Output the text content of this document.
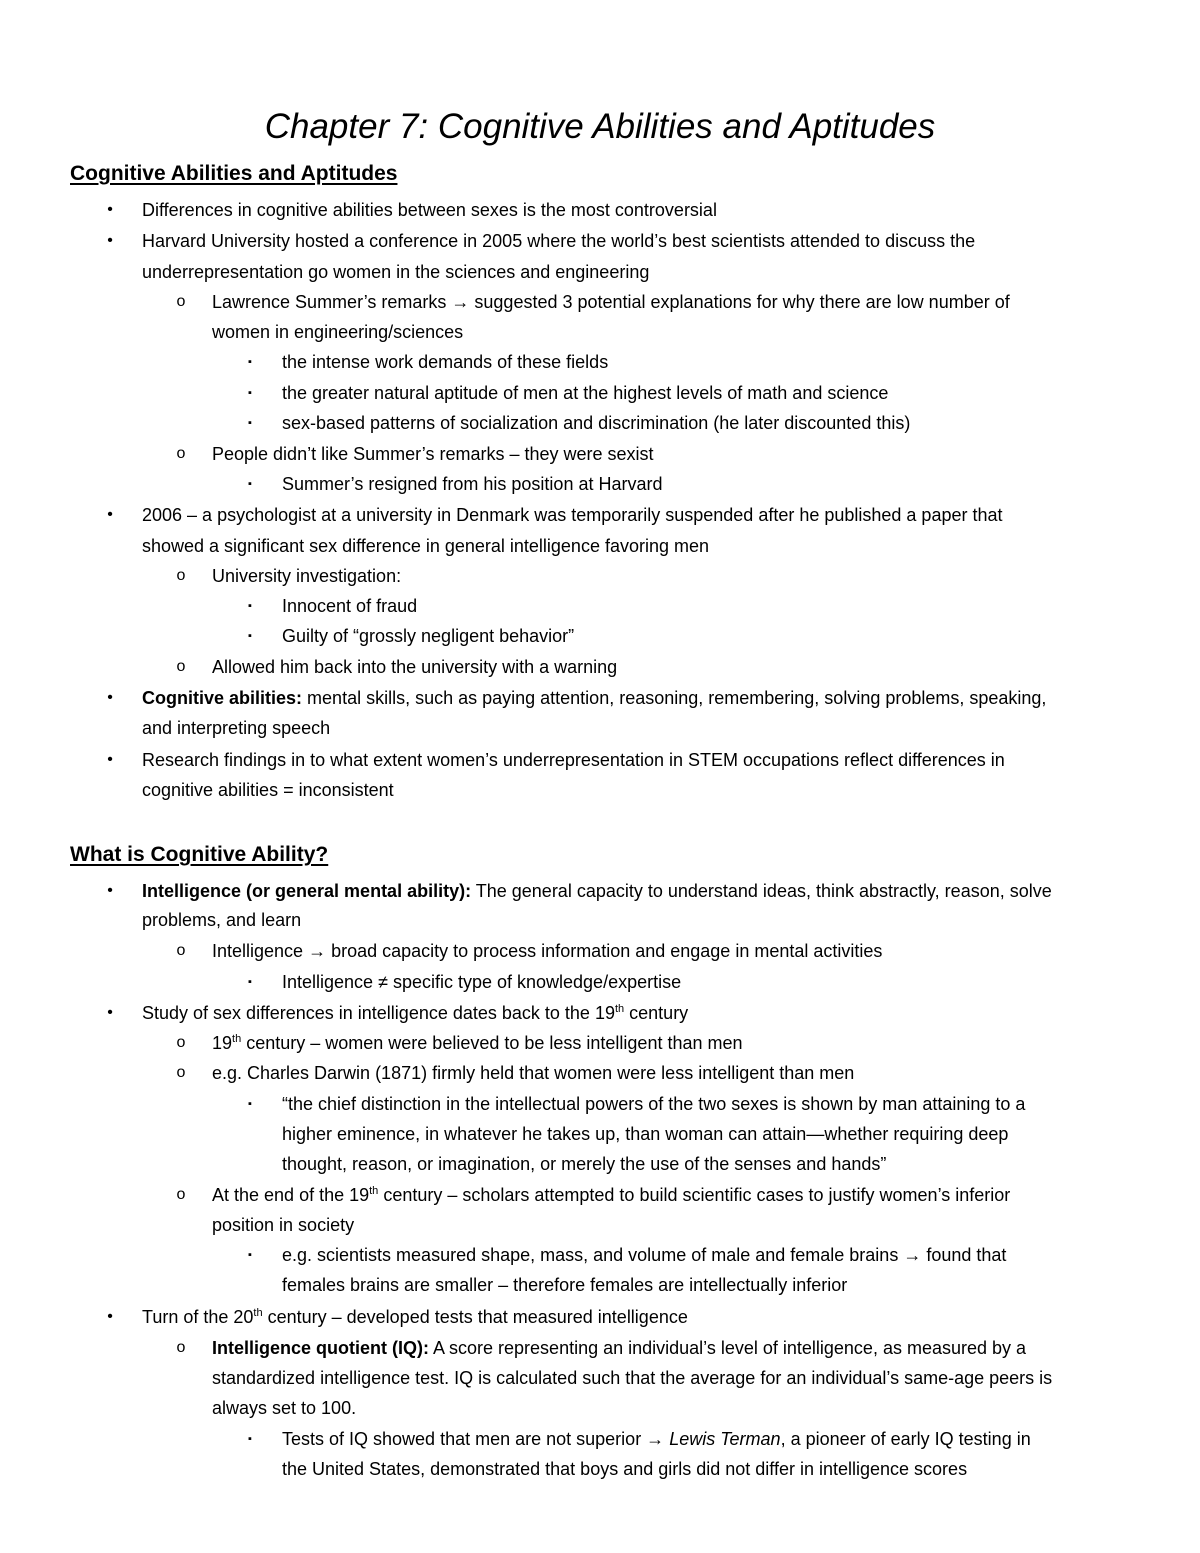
Chapter 7: Cognitive Abilities and Aptitudes
Cognitive Abilities and Aptitudes
•	Differences in cognitive abilities between sexes is the most controversial
•	Harvard University hosted a conference in 2005 where the world’s best scientists attended to discuss the
underrepresentation go women in the sciences and engineering
o	Lawrence Summer’s remarks → suggested 3 potential explanations for why there are low number of
women in engineering/sciences
▪	the intense work demands of these fields
▪	the greater natural aptitude of men at the highest levels of math and science
▪	sex-based patterns of socialization and discrimination (he later discounted this)
o	People didn’t like Summer’s remarks – they were sexist
▪	Summer’s resigned from his position at Harvard
•	2006 – a psychologist at a university in Denmark was temporarily suspended after he published a paper that
showed a significant sex difference in general intelligence favoring men
o	University investigation:
▪	Innocent of fraud
▪	Guilty of “grossly negligent behavior”
o	Allowed him back into the university with a warning
•	Cognitive abilities: mental skills, such as paying attention, reasoning, remembering, solving problems, speaking,
and interpreting speech
•	Research findings in to what extent women’s underrepresentation in STEM occupations reflect differences in
cognitive abilities = inconsistent
What is Cognitive Ability?
•	Intelligence (or general mental ability): The general capacity to understand ideas, think abstractly, reason, solve
problems, and learn
o	Intelligence → broad capacity to process information and engage in mental activities
▪	Intelligence ≠ specific type of knowledge/expertise
•	Study of sex differences in intelligence dates back to the 19th century
o	19th century – women were believed to be less intelligent than men
o	e.g. Charles Darwin (1871) firmly held that women were less intelligent than men
▪	“the chief distinction in the intellectual powers of the two sexes is shown by man attaining to a
higher eminence, in whatever he takes up, than woman can attain—whether requiring deep
thought, reason, or imagination, or merely the use of the senses and hands”
o	At the end of the 19th century – scholars attempted to build scientific cases to justify women’s inferior
position in society
▪	e.g. scientists measured shape, mass, and volume of male and female brains → found that
females brains are smaller – therefore females are intellectually inferior
•	Turn of the 20th century – developed tests that measured intelligence
o	Intelligence quotient (IQ): A score representing an individual’s level of intelligence, as measured by a
standardized intelligence test. IQ is calculated such that the average for an individual’s same-age peers is
always set to 100.
▪	Tests of IQ showed that men are not superior → Lewis Terman, a pioneer of early IQ testing in
the United States, demonstrated that boys and girls did not differ in intelligence scores
